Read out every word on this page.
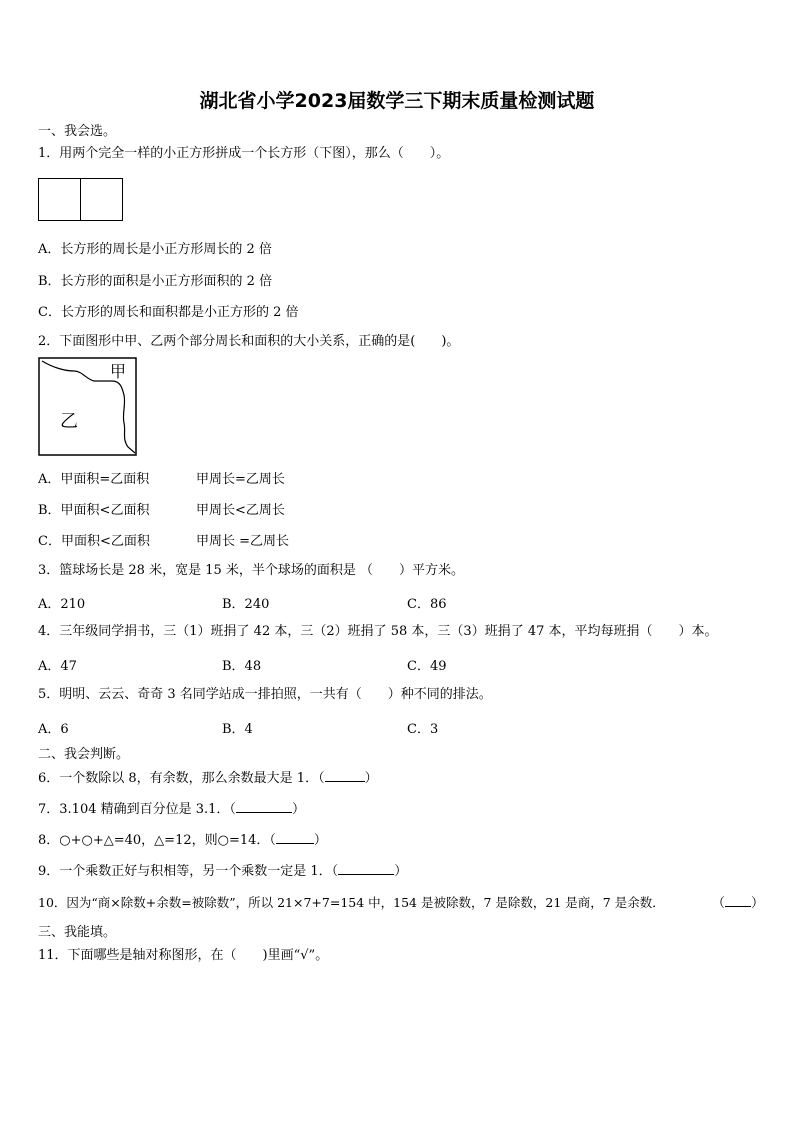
湖北省小学2023届数学三下期末质量检测试题
一、我会选。
1．用两个完全一样的小正方形拼成一个长方形（下图），那么（　　）。
A．长方形的周长是小正方形周长的 2 倍
B．长方形的面积是小正方形面积的 2 倍
C．长方形的周长和面积都是小正方形的 2 倍
2．下面图形中甲、乙两个部分周长和面积的大小关系，正确的是(　　)。
甲
乙
A．甲面积=乙面积	甲周长=乙周长
B．甲面积<乙面积	甲周长<乙周长
C．甲面积<乙面积	甲周长 =乙周长
3．篮球场长是 28 米，宽是 15 米，半个球场的面积是 （　　）平方米。
A．210	B．240	C．86
4．三年级同学捐书，三（1）班捐了 42 本，三（2）班捐了 58 本，三（3）班捐了 47 本，平均每班捐（　　）本。
A．47	B．48	C．49
5．明明、云云、奇奇 3 名同学站成一排拍照，一共有（　　）种不同的排法。
A．6	B．4	C．3
二、我会判断。
6．一个数除以 8，有余数，那么余数最大是 1．（	）
7．3.104 精确到百分位是 3.1．（	）
8．○+○+△=40，△=12，则○=14．（	）
9．一个乘数正好与积相等，另一个乘数一定是 1．（	）
10．因为“商×除数+余数=被除数”，所以 21×7+7=154 中，154 是被除数，7 是除数，21 是商，7 是余数．	（ ）
三、我能填。
11．下面哪些是轴对称图形，在（　　)里画“√”。
